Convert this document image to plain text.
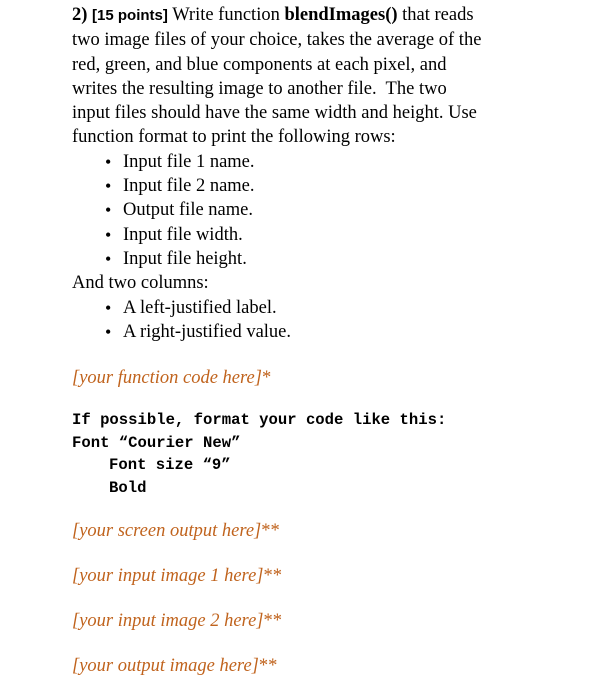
2) [15 points] Write function blendImages() that reads
two image files of your choice, takes the average of the
red, green, and blue components at each pixel, and
writes the resulting image to another file.  The two
input files should have the same width and height. Use
function format to print the following rows:

• Input file 1 name.
• Input file 2 name.
• Output file name.
• Input file width.
• Input file height.

And two columns:

• A left-justified label.
• A right-justified value.

[your function code here]*

If possible, format your code like this:

Font “Courier New”

Font size “9”

Bold

[your screen output here]**

[your input image 1 here]**

[your input image 2 here]**

[your output image here]**
